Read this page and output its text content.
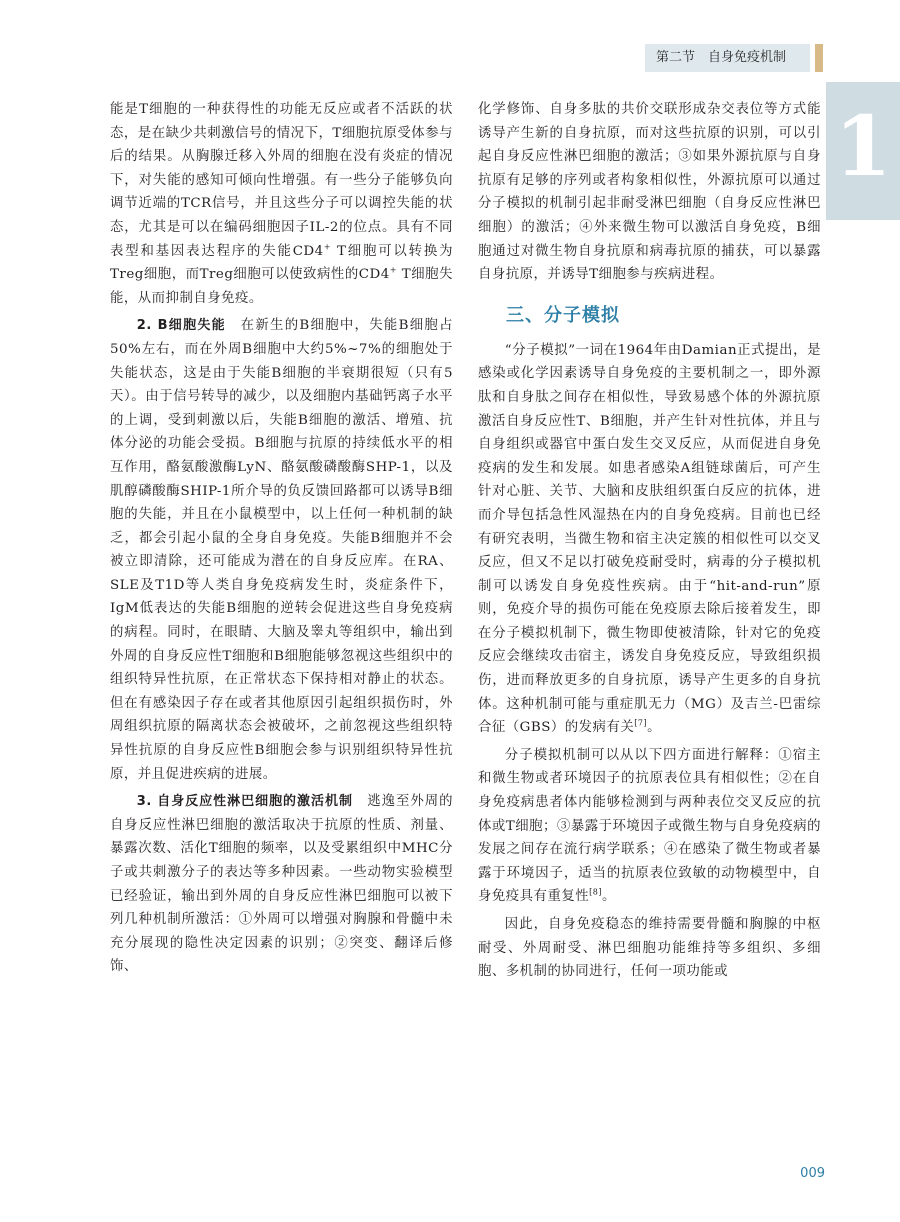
第二节　自身免疫机制
1

能是T细胞的一种获得性的功能无反应或者不活跃的状态，是在缺少共刺激信号的情况下，T细胞抗原受体参与后的结果。从胸腺迁移入外周的细胞在没有炎症的情况下，对失能的感知可倾向性增强。有一些分子能够负向调节近端的TCR信号，并且这些分子可以调控失能的状态，尤其是可以在编码细胞因子IL-2的位点。具有不同表型和基因表达程序的失能CD4+ T细胞可以转换为Treg细胞，而Treg细胞可以使致病性的CD4+ T细胞失能，从而抑制自身免疫。

2. B细胞失能　在新生的B细胞中，失能B细胞占50%左右，而在外周B细胞中大约5%~7%的细胞处于失能状态，这是由于失能B细胞的半衰期很短（只有5天）。由于信号转导的减少，以及细胞内基础钙离子水平的上调，受到刺激以后，失能B细胞的激活、增殖、抗体分泌的功能会受损。B细胞与抗原的持续低水平的相互作用，酪氨酸激酶LyN、酪氨酸磷酸酶SHP-1，以及肌醇磷酸酶SHIP-1所介导的负反馈回路都可以诱导B细胞的失能，并且在小鼠模型中，以上任何一种机制的缺乏，都会引起小鼠的全身自身免疫。失能B细胞并不会被立即清除，还可能成为潜在的自身反应库。在RA、SLE及T1D等人类自身免疫病发生时，炎症条件下，IgM低表达的失能B细胞的逆转会促进这些自身免疫病的病程。同时，在眼睛、大脑及睾丸等组织中，输出到外周的自身反应性T细胞和B细胞能够忽视这些组织中的组织特异性抗原，在正常状态下保持相对静止的状态。但在有感染因子存在或者其他原因引起组织损伤时，外周组织抗原的隔离状态会被破坏，之前忽视这些组织特异性抗原的自身反应性B细胞会参与识别组织特异性抗原，并且促进疾病的进展。

3. 自身反应性淋巴细胞的激活机制　逃逸至外周的自身反应性淋巴细胞的激活取决于抗原的性质、剂量、暴露次数、活化T细胞的频率，以及受累组织中MHC分子或共刺激分子的表达等多种因素。一些动物实验模型已经验证，输出到外周的自身反应性淋巴细胞可以被下列几种机制所激活：①外周可以增强对胸腺和骨髓中未充分展现的隐性决定因素的识别；②突变、翻译后修饰、

化学修饰、自身多肽的共价交联形成杂交表位等方式能诱导产生新的自身抗原，而对这些抗原的识别，可以引起自身反应性淋巴细胞的激活；③如果外源抗原与自身抗原有足够的序列或者构象相似性，外源抗原可以通过分子模拟的机制引起非耐受淋巴细胞（自身反应性淋巴细胞）的激活；④外来微生物可以激活自身免疫，B细胞通过对微生物自身抗原和病毒抗原的捕获，可以暴露自身抗原，并诱导T细胞参与疾病进程。

三、分子模拟

“分子模拟”一词在1964年由Damian正式提出，是感染或化学因素诱导自身免疫的主要机制之一，即外源肽和自身肽之间存在相似性，导致易感个体的外源抗原激活自身反应性T、B细胞，并产生针对性抗体，并且与自身组织或器官中蛋白发生交叉反应，从而促进自身免疫病的发生和发展。如患者感染A组链球菌后，可产生针对心脏、关节、大脑和皮肤组织蛋白反应的抗体，进而介导包括急性风湿热在内的自身免疫病。目前也已经有研究表明，当微生物和宿主决定簇的相似性可以交叉反应，但又不足以打破免疫耐受时，病毒的分子模拟机制可以诱发自身免疫性疾病。由于“hit-and-run”原则，免疫介导的损伤可能在免疫原去除后接着发生，即在分子模拟机制下，微生物即使被清除，针对它的免疫反应会继续攻击宿主，诱发自身免疫反应，导致组织损伤，进而释放更多的自身抗原，诱导产生更多的自身抗体。这种机制可能与重症肌无力（MG）及吉兰-巴雷综合征（GBS）的发病有关[7]。

分子模拟机制可以从以下四方面进行解释：①宿主和微生物或者环境因子的抗原表位具有相似性；②在自身免疫病患者体内能够检测到与两种表位交叉反应的抗体或T细胞；③暴露于环境因子或微生物与自身免疫病的发展之间存在流行病学联系；④在感染了微生物或者暴露于环境因子，适当的抗原表位致敏的动物模型中，自身免疫具有重复性[8]。

因此，自身免疫稳态的维持需要骨髓和胸腺的中枢耐受、外周耐受、淋巴细胞功能维持等多组织、多细胞、多机制的协同进行，任何一项功能或

009
